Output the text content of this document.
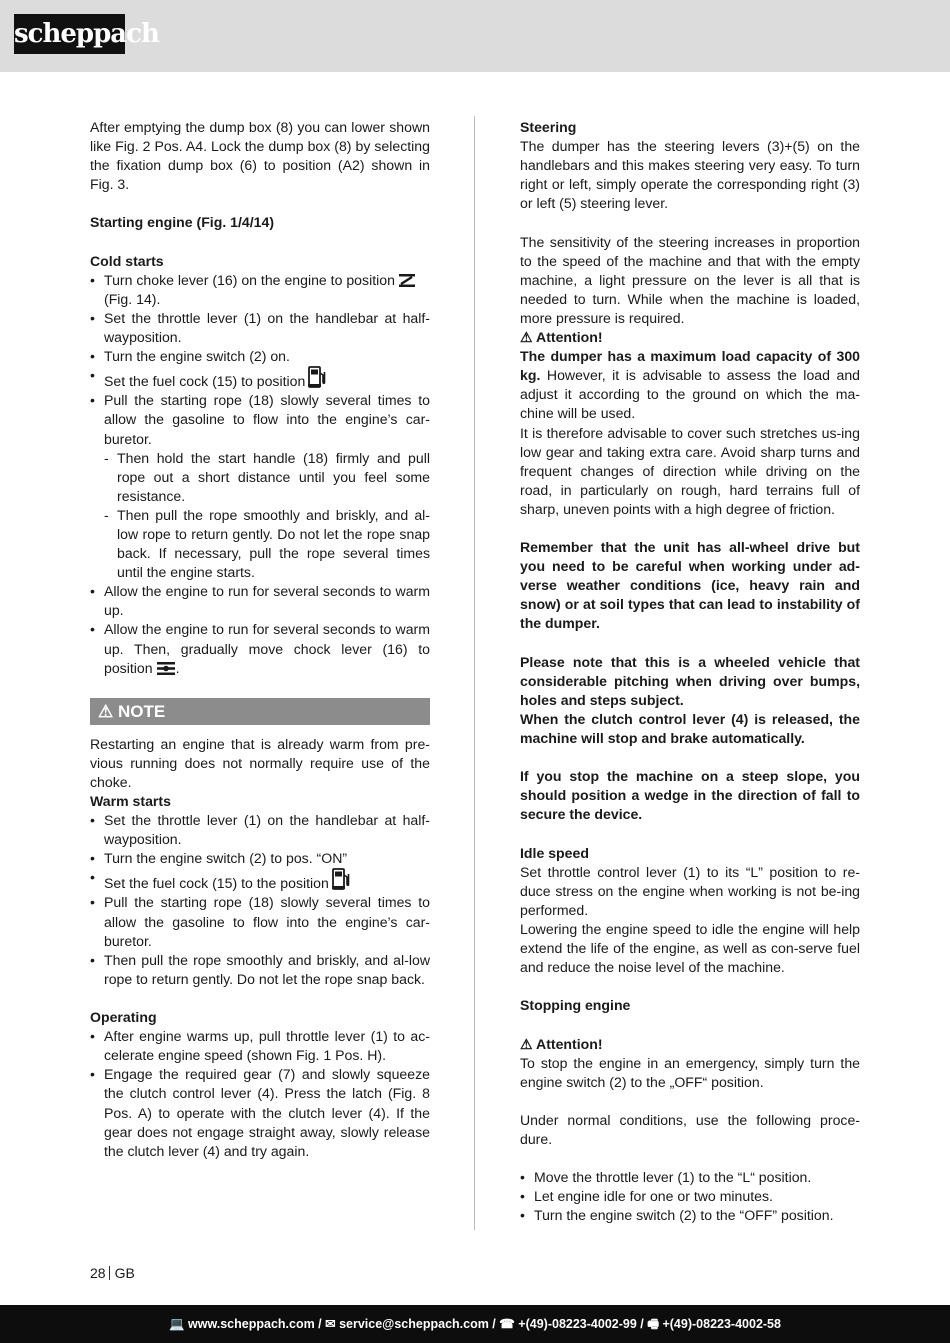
scheppach

After emptying the dump box (8) you can lower shown like Fig. 2 Pos. A4. Lock the dump box (8) by selecting the fixation dump box (6) to position (A2) shown in Fig. 3.

Starting engine (Fig. 1/4/14)

Cold starts

• Turn choke lever (16) on the engine to position
(Fig. 14).
• Set the throttle lever (1) on the handlebar at half-wayposition.
• Turn the engine switch (2) on.
• Set the fuel cock (15) to position
• Pull the starting rope (18) slowly several times to allow the gasoline to flow into the engine’s car-buretor.
- Then hold the start handle (18) firmly and pull rope out a short distance until you feel some resistance.
- Then pull the rope smoothly and briskly, and al-low rope to return gently. Do not let the rope snap back. If necessary, pull the rope several times until the engine starts.
• Allow the engine to run for several seconds to warm up.
• Allow the engine to run for several seconds to warm up. Then, gradually move chock lever (16) to position .
⚠ NOTE

Restarting an engine that is already warm from pre-vious running does not normally require use of the choke.

Warm starts

• Set the throttle lever (1) on the handlebar at half-wayposition.
• Turn the engine switch (2) to pos. “ON”
• Set the fuel cock (15) to the position
• Pull the starting rope (18) slowly several times to allow the gasoline to flow into the engine’s car-buretor.
• Then pull the rope smoothly and briskly, and al-low rope to return gently. Do not let the rope snap back.

Operating

• After engine warms up, pull throttle lever (1) to ac-celerate engine speed (shown Fig. 1 Pos. H).
• Engage the required gear (7) and slowly squeeze the clutch control lever (4). Press the latch (Fig. 8 Pos. A) to operate with the clutch lever (4). If the gear does not engage straight away, slowly release the clutch lever (4) and try again.

Steering

The dumper has the steering levers (3)+(5) on the handlebars and this makes steering very easy. To turn right or left, simply operate the corresponding right (3) or left (5) steering lever.

The sensitivity of the steering increases in proportion to the speed of the machine and that with the empty machine, a light pressure on the lever is all that is needed to turn. While when the machine is loaded, more pressure is required.

⚠ Attention!

The dumper has a maximum load capacity of 300 kg. However, it is advisable to assess the load and adjust it according to the ground on which the ma-chine will be used.

It is therefore advisable to cover such stretches us-ing low gear and taking extra care. Avoid sharp turns and frequent changes of direction while driving on the road, in particularly on rough, hard terrains full of sharp, uneven points with a high degree of friction.

Remember that the unit has all-wheel drive but you need to be careful when working under ad-verse weather conditions (ice, heavy rain and snow) or at soil types that can lead to instability of the dumper.

Please note that this is a wheeled vehicle that considerable pitching when driving over bumps, holes and steps subject.

When the clutch control lever (4) is released, the machine will stop and brake automatically.

If you stop the machine on a steep slope, you should position a wedge in the direction of fall to secure the device.

Idle speed

Set throttle control lever (1) to its “L” position to re-duce stress on the engine when working is not be-ing performed.

Lowering the engine speed to idle the engine will help extend the life of the engine, as well as con-serve fuel and reduce the noise level of the machine.

Stopping engine

⚠ Attention!

To stop the engine in an emergency, simply turn the engine switch (2) to the „OFF“ position.

Under normal conditions, use the following proce-dure.

• Move the throttle lever (1) to the “L“ position.
• Let engine idle for one or two minutes.
• Turn the engine switch (2) to the “OFF” position.
28 GB
💻 www.scheppach.com / ✉ service@scheppach.com / ☎ +(49)-08223-4002-99 / 🖷 +(49)-08223-4002-58
